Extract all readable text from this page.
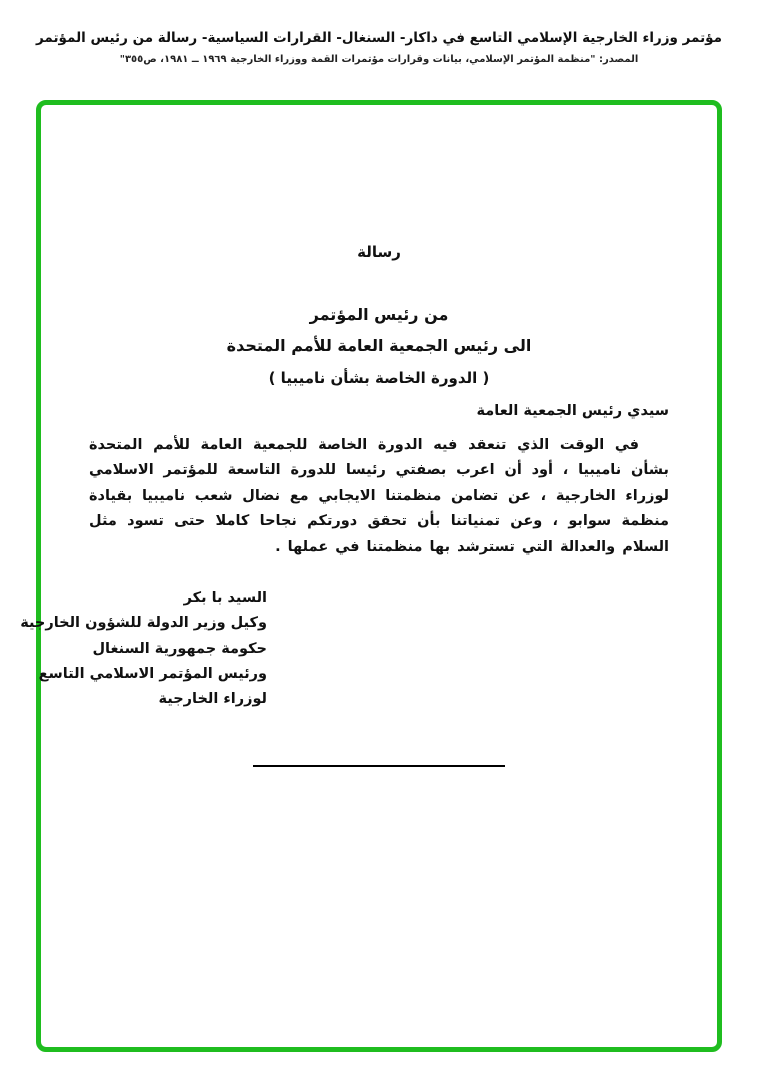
مؤتمر وزراء الخارجية الإسلامي التاسع في داكار- السنغال- القرارات السياسية- رسالة من رئيس المؤتمر
المصدر: "منظمة المؤتمر الإسلامي، بيانات وقرارات مؤتمرات القمة ووزراء الخارجية ١٩٦٩ ــ ١٩٨١، ص٣٥٥"
رسالة
من رئيس المؤتمر
الى رئيس الجمعية العامة للأمم المتحدة
( الدورة الخاصة بشأن ناميبيا )
سيدي رئيس الجمعية العامة

في الوقت الذي تنعقد فيه الدورة الخاصة للجمعية العامة للأمم المتحدة بشأن ناميبيا ، أود أن اعرب بصفتي رئيسا للدورة التاسعة للمؤتمر الاسلامي لوزراء الخارجية ، عن تضامن منظمتنا الايجابي مع نضال شعب ناميبيا بقيادة منظمة سوابو ، وعن تمنياتنا بأن تحقق دورتكم نجاحا كاملا حتى تسود مثل السلام والعدالة التي تسترشد بها منظمتنا في عملها .

السيد با بكر
وكيل وزير الدولة للشؤون الخارجية
حكومة جمهورية السنغال
ورئيس المؤتمر الاسلامي التاسع
لوزراء الخارجية
